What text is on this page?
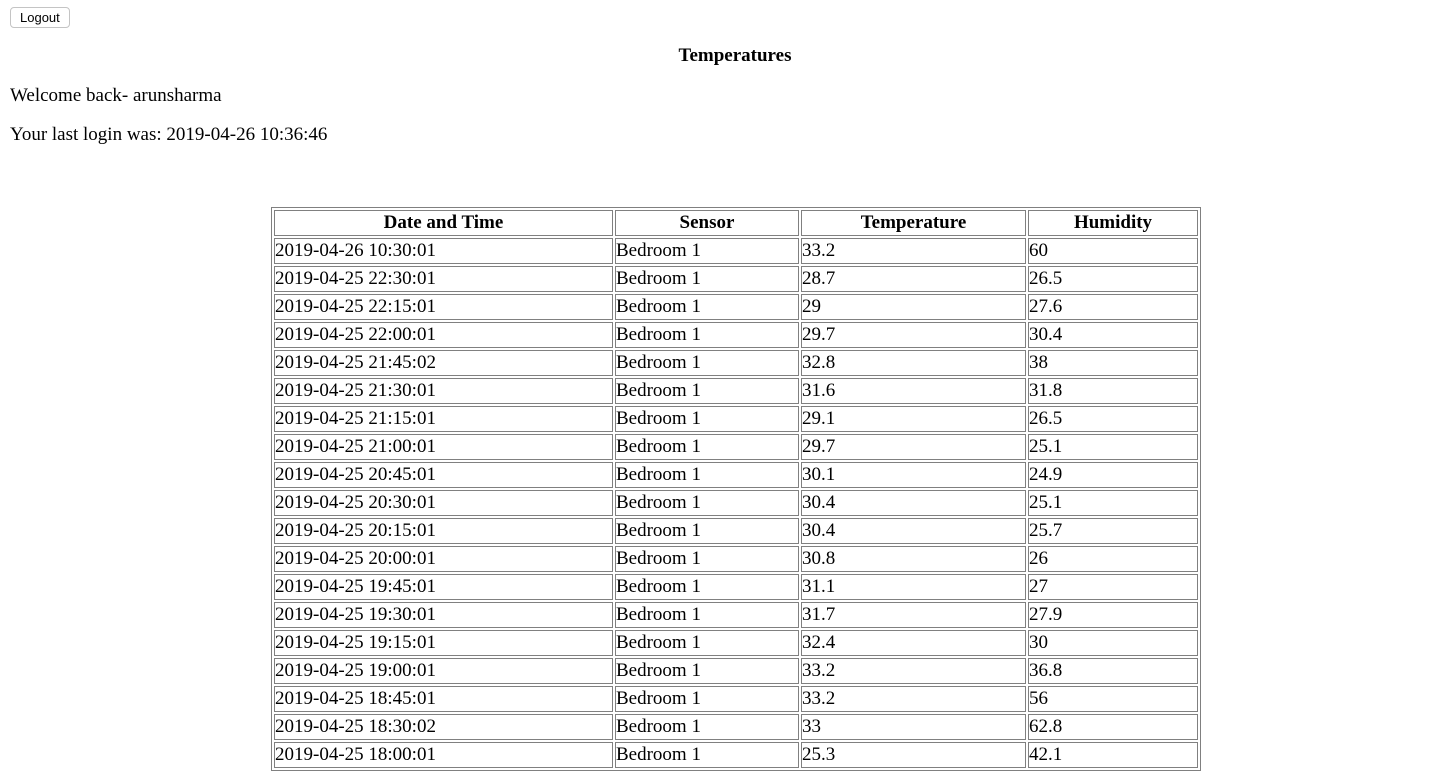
Logout
Temperatures

Welcome back- arunsharma

Your last login was: 2019-04-26 10:36:46

Date and Time	Sensor	Temperature	Humidity
2019-04-26 10:30:01	Bedroom 1	33.2	60
2019-04-25 22:30:01	Bedroom 1	28.7	26.5
2019-04-25 22:15:01	Bedroom 1	29	27.6
2019-04-25 22:00:01	Bedroom 1	29.7	30.4
2019-04-25 21:45:02	Bedroom 1	32.8	38
2019-04-25 21:30:01	Bedroom 1	31.6	31.8
2019-04-25 21:15:01	Bedroom 1	29.1	26.5
2019-04-25 21:00:01	Bedroom 1	29.7	25.1
2019-04-25 20:45:01	Bedroom 1	30.1	24.9
2019-04-25 20:30:01	Bedroom 1	30.4	25.1
2019-04-25 20:15:01	Bedroom 1	30.4	25.7
2019-04-25 20:00:01	Bedroom 1	30.8	26
2019-04-25 19:45:01	Bedroom 1	31.1	27
2019-04-25 19:30:01	Bedroom 1	31.7	27.9
2019-04-25 19:15:01	Bedroom 1	32.4	30
2019-04-25 19:00:01	Bedroom 1	33.2	36.8
2019-04-25 18:45:01	Bedroom 1	33.2	56
2019-04-25 18:30:02	Bedroom 1	33	62.8
2019-04-25 18:00:01	Bedroom 1	25.3	42.1
